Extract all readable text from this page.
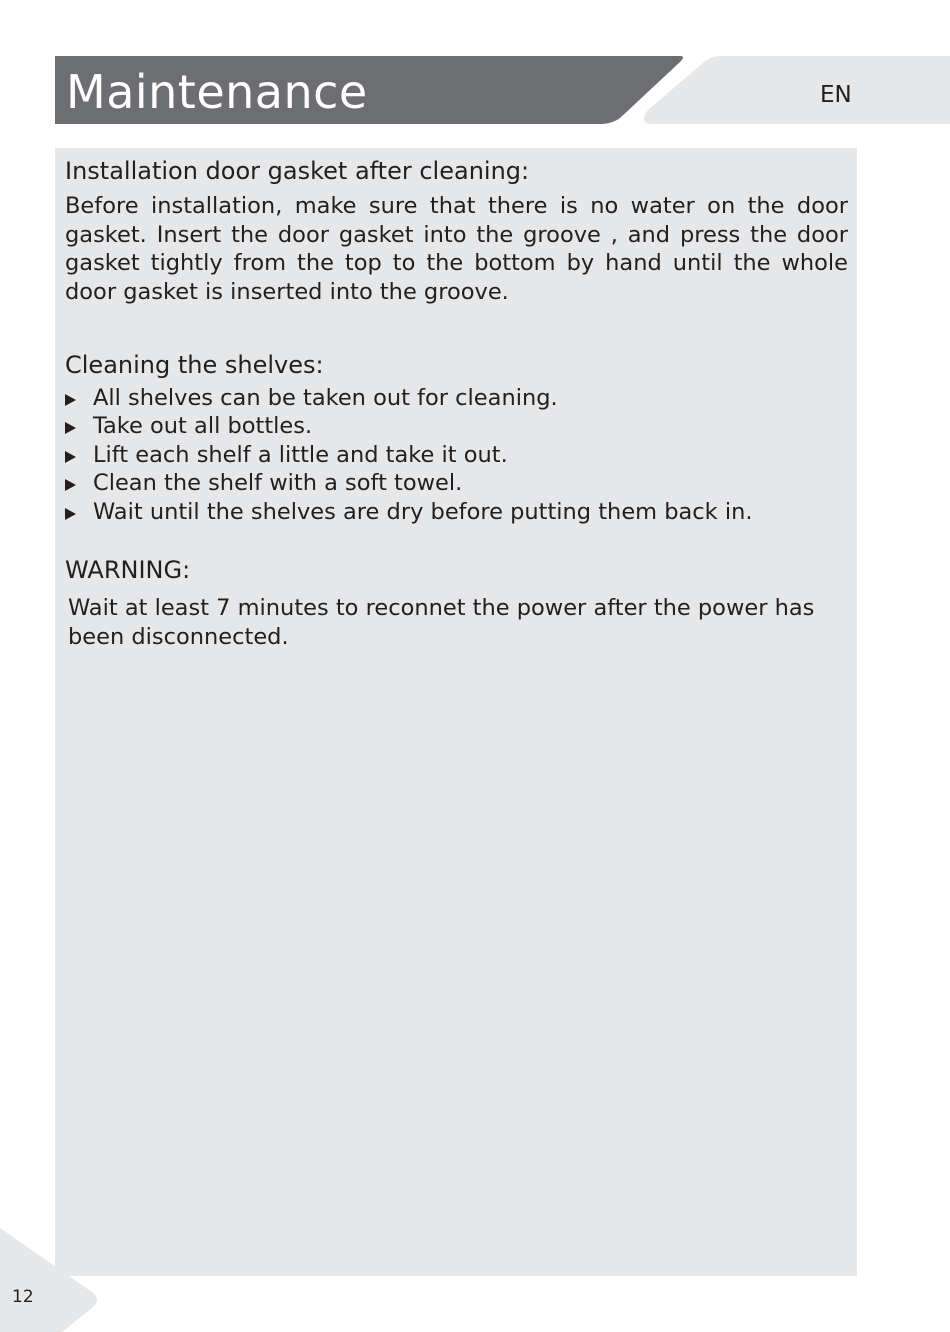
Maintenance	EN
Installation door gasket after cleaning:

Before installation, make sure that there is no water on the door gasket. Insert the door gasket into the groove , and press the door gasket tightly from the top to the bottom by hand until the whole door gasket is inserted into the groove.

Cleaning the shelves:
All shelves can be taken out for cleaning.
Take out all bottles.
Lift each shelf a little and take it out.
Clean the shelf with a soft towel.
Wait until the shelves are dry before putting them back in.
WARNING:

Wait at least 7 minutes to reconnet the power after the power has been disconnected.

12
